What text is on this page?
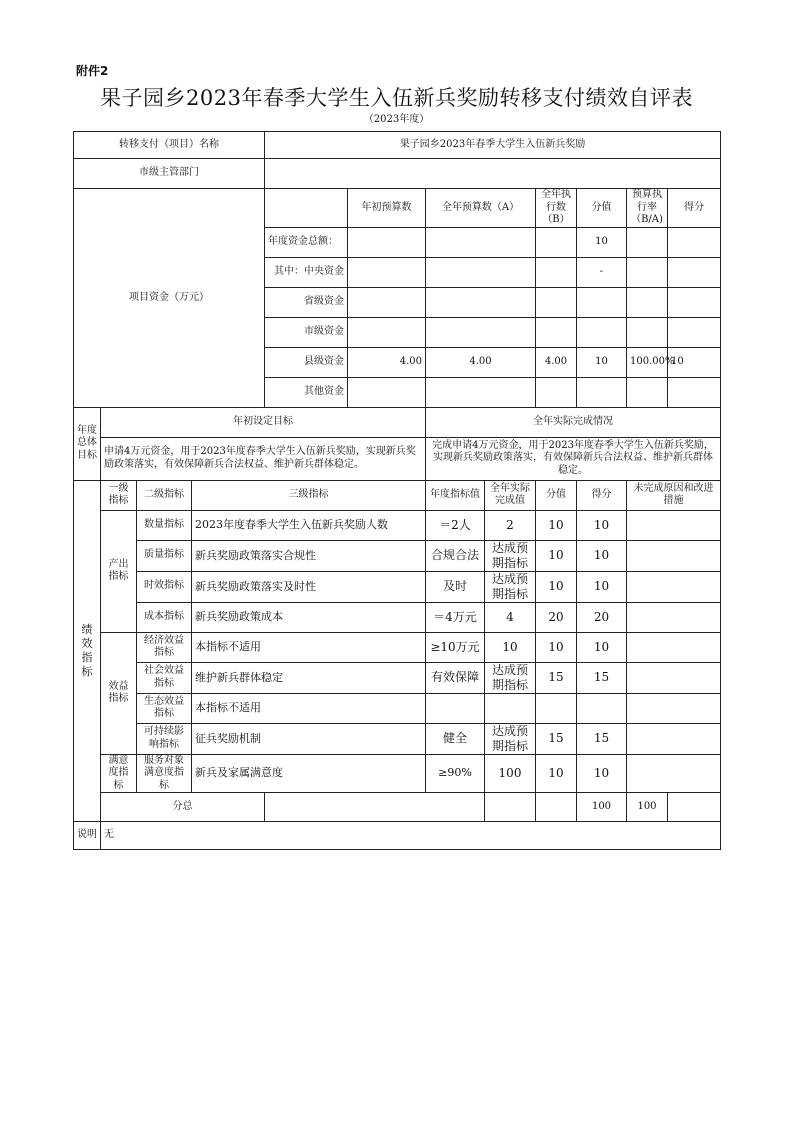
附件2
果子园乡2023年春季大学生入伍新兵奖励转移支付绩效自评表
（2023年度）
转移支付（项目）名称				果子园乡2023年春季大学生入伍新兵奖励							
市级主管部门											
项目资金（万元）					年初预算数	全年预算数（A）		全年执行数（B）	分值	预算执行率（B/A)	得分
				年度资金总额：					10		
				其中：中央资金					-		
				省级资金							
				市级资金							
				县级资金	4.00	4.00		4.00	10	100.00%	10
				其他资金							
年度总体目标	年初设定目标					全年实际完成情况					
	申请4万元资金，用于2023年度春季大学生入伍新兵奖励，实现新兵奖励政策落实，有效保障新兵合法权益、维护新兵群体稳定。					完成申请4万元资金，用于2023年度春季大学生入伍新兵奖励，实现新兵奖励政策落实，有效保障新兵合法权益、维护新兵群体稳定。					
绩效指标	一级指标	二级指标	三级指标			年度指标值	全年实际完成值	分值	得分	未完成原因和改进措施	
	产出指标	数量指标	2023年度春季大学生入伍新兵奖励人数			＝2人	2	10	10		
		质量指标	新兵奖励政策落实合规性			合规合法	达成预期指标	10	10		
		时效指标	新兵奖励政策落实及时性			及时	达成预期指标	10	10		
		成本指标	新兵奖励政策成本			＝4万元	4	20	20		
	效益指标	经济效益指标	本指标不适用			≥10万元	10	10	10		
		社会效益指标	维护新兵群体稳定			有效保障	达成预期指标	15	15		
		生态效益指标	本指标不适用								
		可持续影响指标	征兵奖励机制			健全	达成预期指标	15	15		
	满意度指标	服务对象满意度指标	新兵及家属满意度			≥90%	100	10	10		
	分总								100	100	
说明	无										
